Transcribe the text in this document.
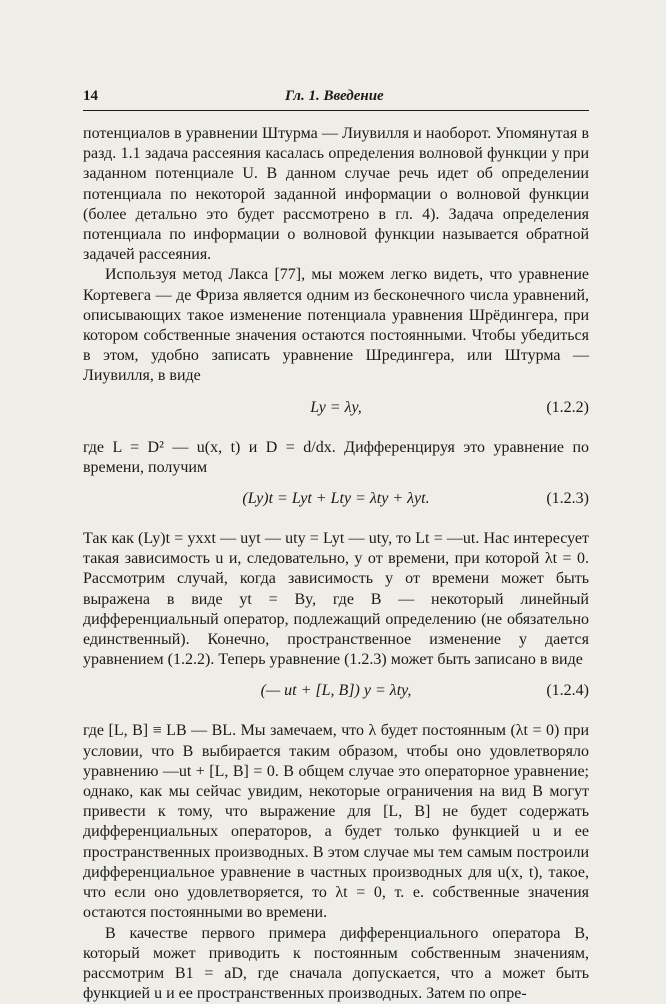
14	Гл. 1. Введение

потенциалов в уравнении Штурма — Лиувилля и наоборот. Упомянутая в разд. 1.1 задача рассеяния касалась определения волновой функции y при заданном потенциале U. В данном случае речь идет об определении потенциала по некоторой заданной информации о волновой функции (более детально это будет рассмотрено в гл. 4). Задача определения потенциала по информации о волновой функции называется обратной задачей рассеяния.

Используя метод Лакса [77], мы можем легко видеть, что уравнение Кортевега — де Фриза является одним из бесконечного числа уравнений, описывающих такое изменение потенциала уравнения Шрёдингера, при котором собственные значения остаются постоянными. Чтобы убедиться в этом, удобно записать уравнение Шредингера, или Штурма — Лиувилля, в виде

Ly = λy,	(1.2.2)

где L = D² — u(x, t) и D = d/dx. Дифференцируя это уравнение по времени, получим

(Ly)t = Lyt + Lty = λty + λyt.	(1.2.3)

Так как (Ly)t = yxxt — uyt — uty = Lyt — uty, то Lt = —ut. Нас интересует такая зависимость u и, следовательно, y от времени, при которой λt = 0. Рассмотрим случай, когда зависимость y от времени может быть выражена в виде yt = By, где B — некоторый линейный дифференциальный оператор, подлежащий определению (не обязательно единственный). Конечно, пространственное изменение y дается уравнением (1.2.2). Теперь уравнение (1.2.3) может быть записано в виде

(— ut + [L, B]) y = λty,	(1.2.4)

где [L, B] ≡ LB — BL. Мы замечаем, что λ будет постоянным (λt = 0) при условии, что B выбирается таким образом, чтобы оно удовлетворяло уравнению —ut + [L, B] = 0. В общем случае это операторное уравнение; однако, как мы сейчас увидим, некоторые ограничения на вид B могут привести к тому, что выражение для [L, B] не будет содержать дифференциальных операторов, а будет только функцией u и ее пространственных производных. В этом случае мы тем самым построили дифференциальное уравнение в частных производных для u(x, t), такое, что если оно удовлетворяется, то λt = 0, т. е. собственные значения остаются постоянными во времени.

В качестве первого примера дифференциального оператора B, который может приводить к постоянным собственным значениям, рассмотрим B1 = aD, где сначала допускается, что a может быть функцией u и ее пространственных производных. Затем по опре-
